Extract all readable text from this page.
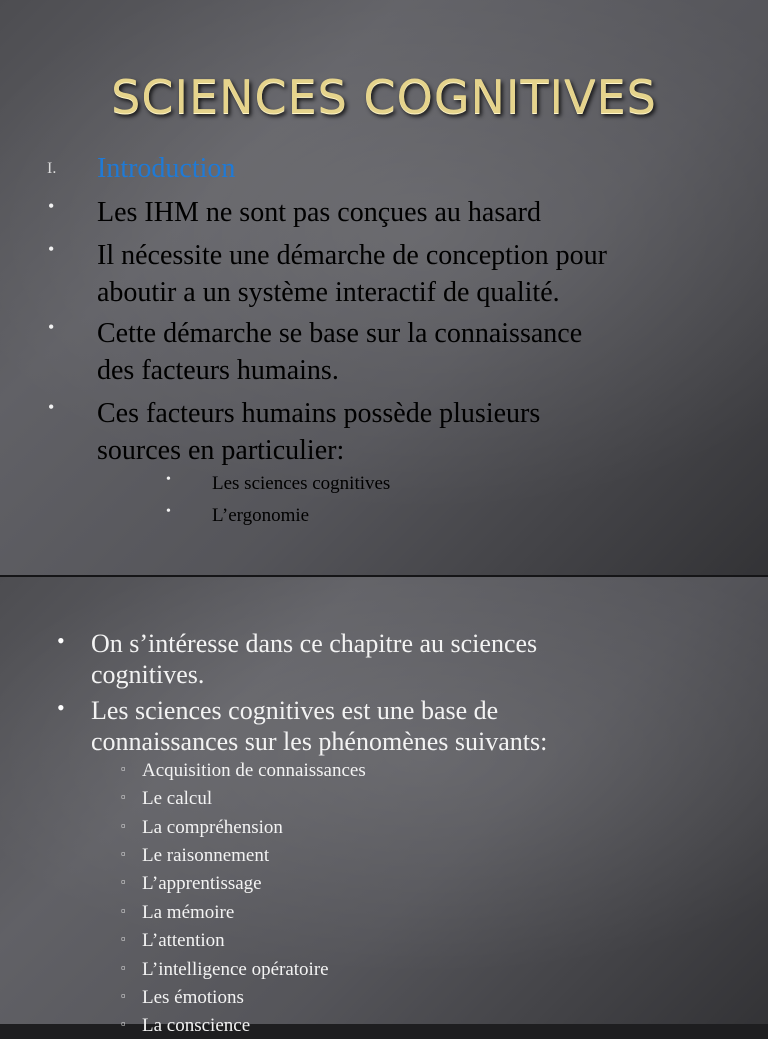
SCIENCES COGNITIVES
I. Introduction
• Les IHM ne sont pas conçues au hasard
• Il nécessite une démarche de conception pour
aboutir a un système interactif de qualité.
• Cette démarche se base sur la connaissance
des facteurs humains.
• Ces facteurs humains possède plusieurs
sources en particulier:
• Les sciences cognitives
• L’ergonomie
• On s’intéresse dans ce chapitre au sciences
cognitives.
• Les sciences cognitives est une base de
connaissances sur les phénomènes suivants:
▫ Acquisition de connaissances
▫ Le calcul
▫ La compréhension
▫ Le raisonnement
▫ L’apprentissage
▫ La mémoire
▫ L’attention
▫ L’intelligence opératoire
▫ Les émotions
▫ La conscience
